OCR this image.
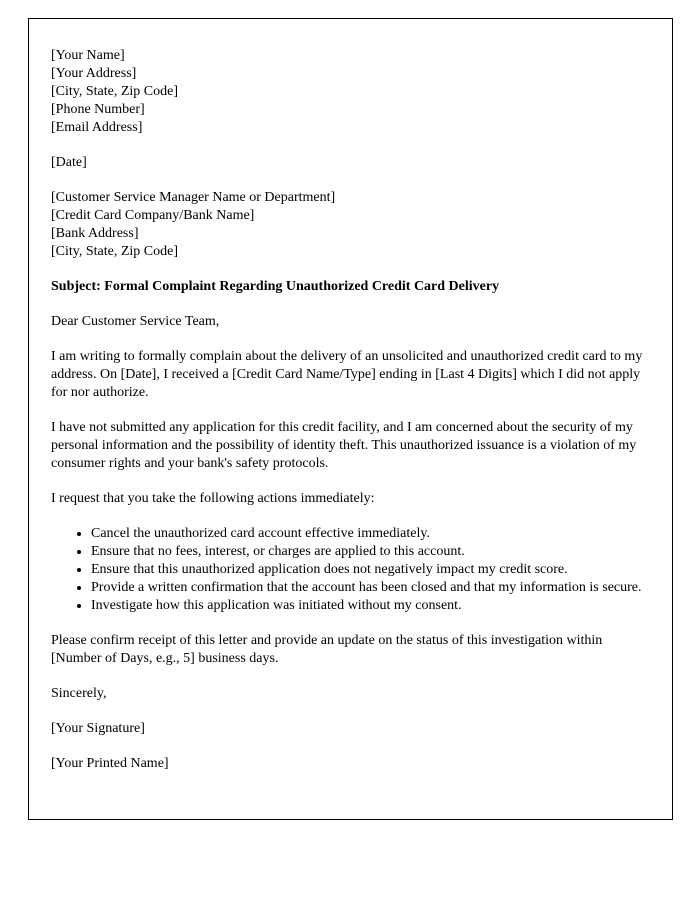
[Your Name]
[Your Address]
[City, State, Zip Code]
[Phone Number]
[Email Address]

[Date]

[Customer Service Manager Name or Department]
[Credit Card Company/Bank Name]
[Bank Address]
[City, State, Zip Code]

Subject: Formal Complaint Regarding Unauthorized Credit Card Delivery

Dear Customer Service Team,

I am writing to formally complain about the delivery of an unsolicited and unauthorized credit card to my address. On [Date], I received a [Credit Card Name/Type] ending in [Last 4 Digits] which I did not apply for nor authorize.

I have not submitted any application for this credit facility, and I am concerned about the security of my personal information and the possibility of identity theft. This unauthorized issuance is a violation of my consumer rights and your bank's safety protocols.

I request that you take the following actions immediately:

• Cancel the unauthorized card account effective immediately.
• Ensure that no fees, interest, or charges are applied to this account.
• Ensure that this unauthorized application does not negatively impact my credit score.
• Provide a written confirmation that the account has been closed and that my information is secure.
• Investigate how this application was initiated without my consent.

Please confirm receipt of this letter and provide an update on the status of this investigation within [Number of Days, e.g., 5] business days.

Sincerely,

[Your Signature]

[Your Printed Name]
